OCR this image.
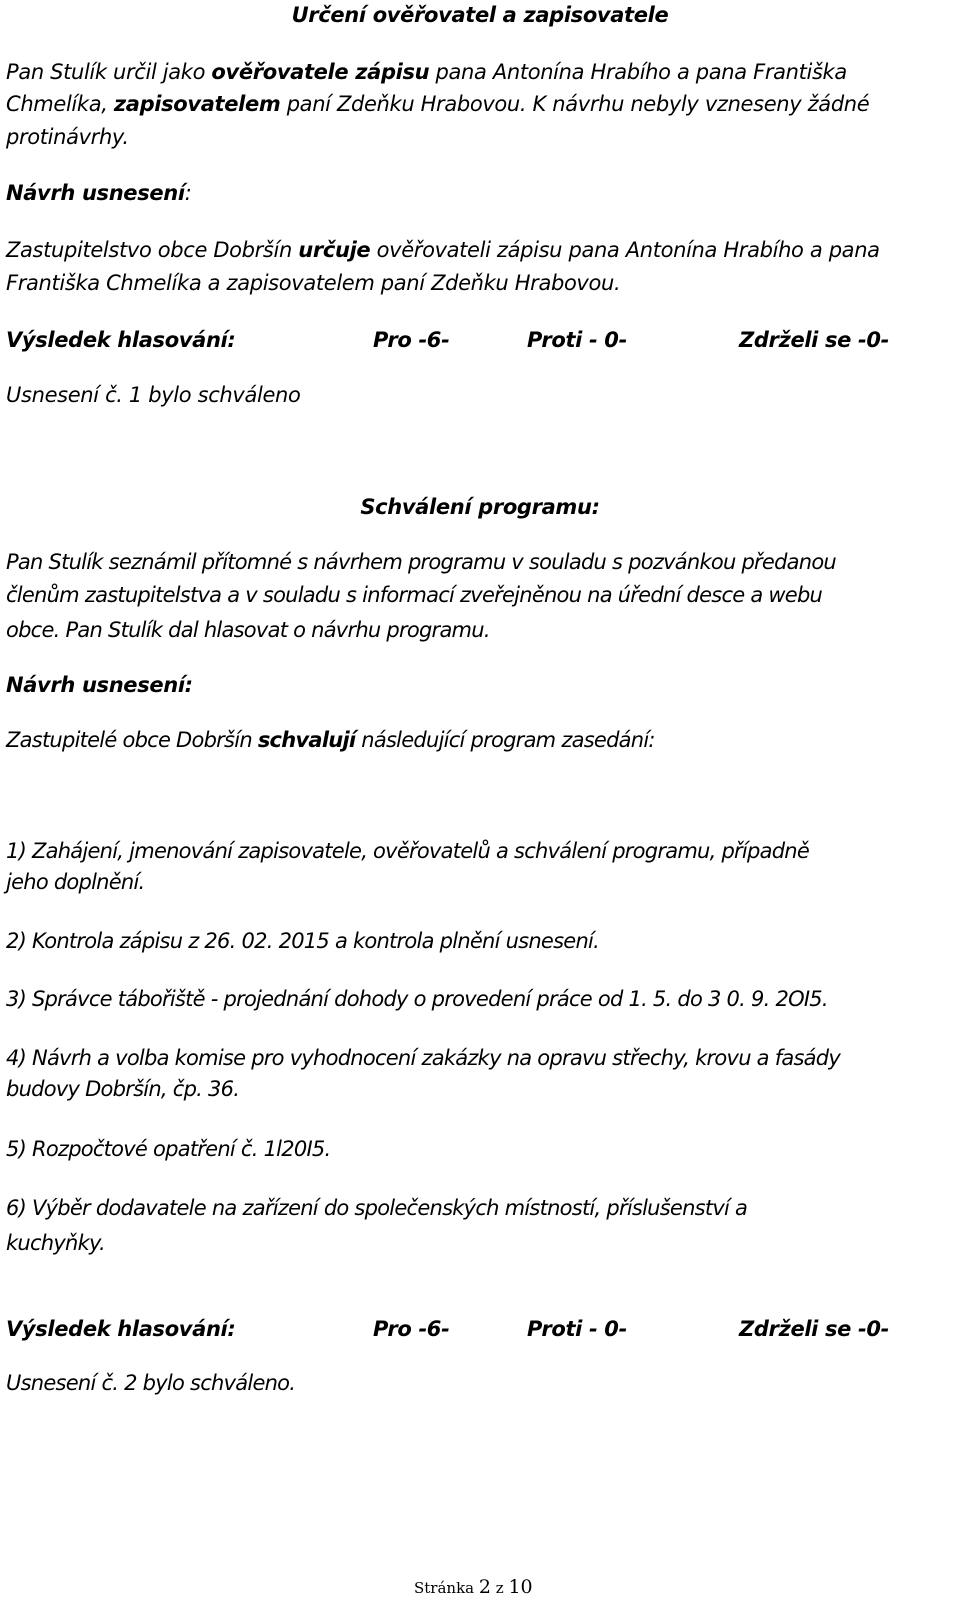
Určení ověřovatel a zapisovatele
Pan Stulík určil jako ověřovatele zápisu pana Antonína Hrabího a pana Františka
Chmelíka, zapisovatelem paní Zdeňku Hrabovou. K návrhu nebyly vzneseny žádné
protinávrhy.
Návrh usnesení:
Zastupitelstvo obce Dobršín určuje ověřovateli zápisu pana Antonína Hrabího a pana
Františka Chmelíka a zapisovatelem paní Zdeňku Hrabovou.
Výsledek hlasování:	Pro -6-	Proti - 0-	Zdrželi se -0-
Usnesení č. 1 bylo schváleno
Schválení programu:
Pan Stulík seznámil přítomné s návrhem programu v souladu s pozvánkou předanou
členům zastupitelstva a v souladu s informací zveřejněnou na úřední desce a webu
obce. Pan Stulík dal hlasovat o návrhu programu.
Návrh usnesení:
Zastupitelé obce Dobršín schvalují následující program zasedání:
1) Zahájení, jmenování zapisovatele, ověřovatelů a schválení programu, případně
jeho doplnění.
2) Kontrola zápisu z 26. 02. 2015 a kontrola plnění usnesení.
3) Správce tábořiště - projednání dohody o provedení práce od 1. 5. do 3 0. 9. 2OI5.
4) Návrh a volba komise pro vyhodnocení zakázky na opravu střechy, krovu a fasády
budovy Dobršín, čp. 36.
5) Rozpočtové opatření č. 1l20I5.
6) Výběr dodavatele na zařízení do společenských místností, příslušenství a
kuchyňky.
Výsledek hlasování:	Pro -6-	Proti - 0-	Zdrželi se -0-
Usnesení č. 2 bylo schváleno.
Stránka 2 z 10
